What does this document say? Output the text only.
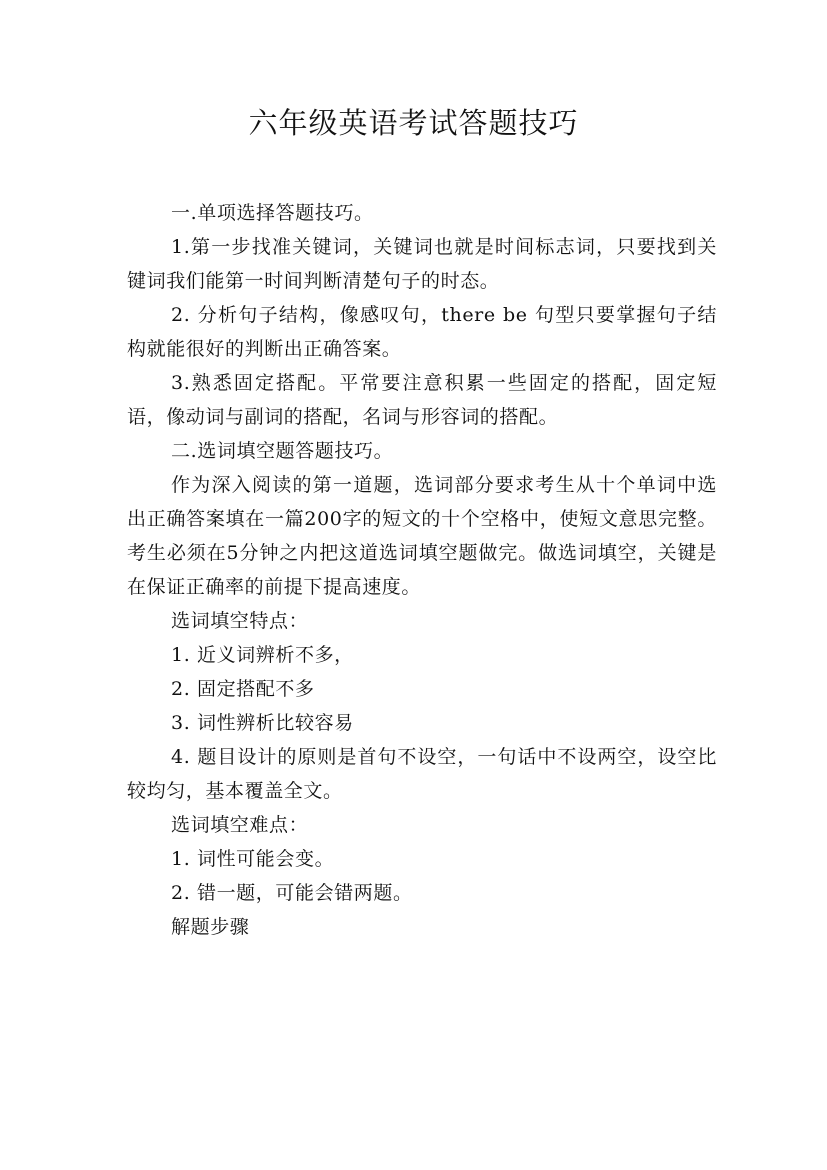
六年级英语考试答题技巧

一.单项选择答题技巧。

1.第一步找准关键词，关键词也就是时间标志词，只要找到关键词我们能第一时间判断清楚句子的时态。

2. 分析句子结构，像感叹句，there be 句型只要掌握句子结构就能很好的判断出正确答案。

3.熟悉固定搭配。平常要注意积累一些固定的搭配，固定短语，像动词与副词的搭配，名词与形容词的搭配。

二.选词填空题答题技巧。

作为深入阅读的第一道题，选词部分要求考生从十个单词中选出正确答案填在一篇200字的短文的十个空格中，使短文意思完整。考生必须在5分钟之内把这道选词填空题做完。做选词填空，关键是在保证正确率的前提下提高速度。

选词填空特点：

1. 近义词辨析不多，

2. 固定搭配不多

3. 词性辨析比较容易

4. 题目设计的原则是首句不设空，一句话中不设两空，设空比较均匀，基本覆盖全文。

选词填空难点：

1. 词性可能会变。

2. 错一题，可能会错两题。

解题步骤
